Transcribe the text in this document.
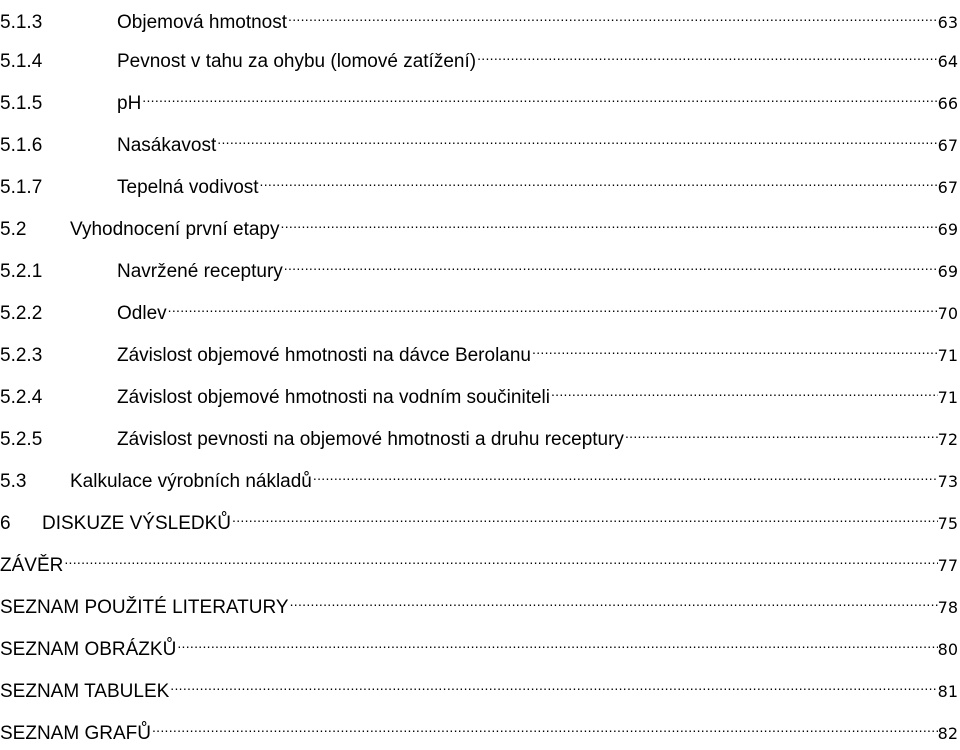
5.1.3	Objemová hmotnost .....	63
5.1.4	Pevnost v tahu za ohybu (lomové zatížení) .....	64
5.1.5	pH .....	66
5.1.6	Nasákavost .....	67
5.1.7	Tepelná vodivost .....	67
5.2	Vyhodnocení první etapy .....	69
5.2.1	Navržené receptury .....	69
5.2.2	Odlev .....	70
5.2.3	Závislost objemové hmotnosti na dávce Berolanu .....	71
5.2.4	Závislost objemové hmotnosti na vodním součiniteli .....	71
5.2.5	Závislost pevnosti na objemové hmotnosti a druhu receptury .....	72
5.3	Kalkulace výrobních nákladů .....	73
6	DISKUZE VÝSLEDKŮ .....	75
ZÁVĚR .....	77
SEZNAM POUŽITÉ LITERATURY .....	78
SEZNAM OBRÁZKŮ .....	80
SEZNAM TABULEK .....	81
SEZNAM GRAFŮ .....	82
